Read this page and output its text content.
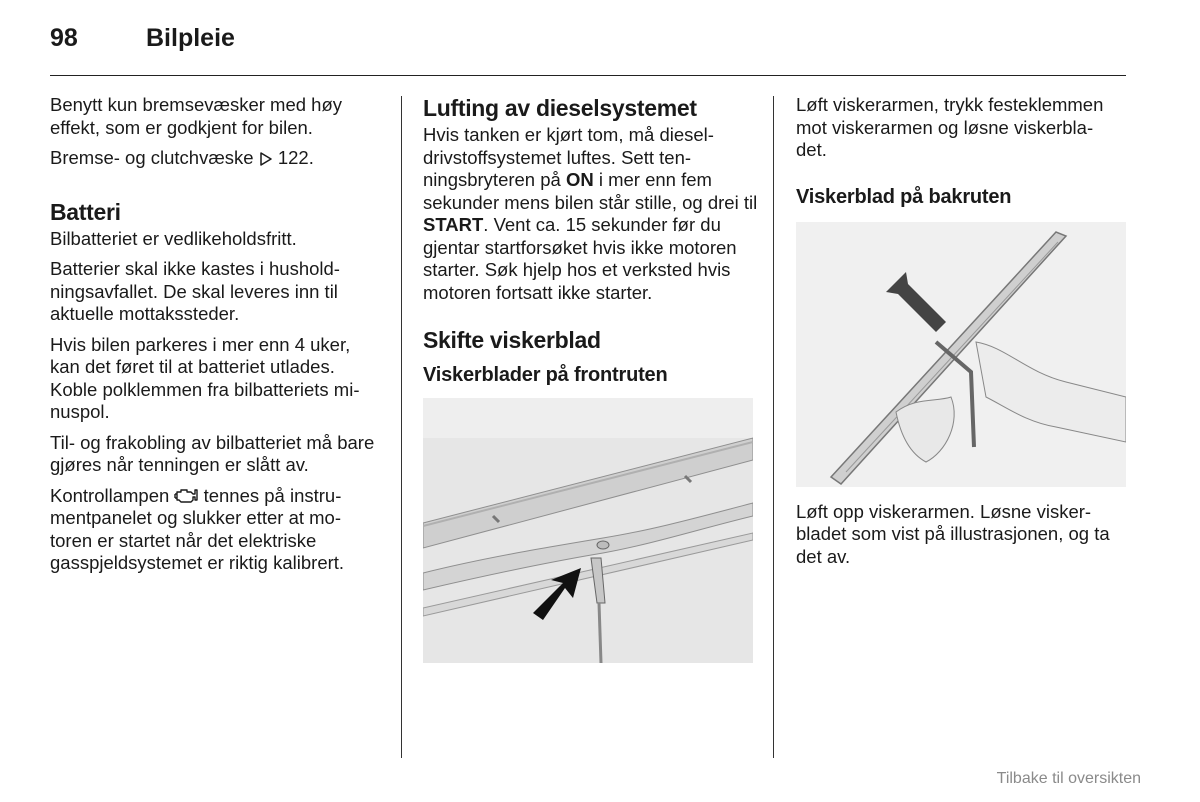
98	Bilpleie

Benytt kun bremsevæsker med høy effekt, som er godkjent for bilen.

Bremse- og clutchvæske 122.

Batteri

Bilbatteriet er vedlikeholdsfritt.

Batterier skal ikke kastes i hushold- ningsavfallet. De skal leveres inn til aktuelle mottakssteder.

Hvis bilen parkeres i mer enn 4 uker, kan det føret til at batteriet utlades. Koble polklemmen fra bilbatteriets mi- nuspol.

Til- og frakobling av bilbatteriet må bare gjøres når tenningen er slått av.

Kontrollampen tennes på instru- mentpanelet og slukker etter at mo- toren er startet når det elektriske gasspjeldsystemet er riktig kalibrert.

Lufting av dieselsystemet

Hvis tanken er kjørt tom, må diesel- drivstoffsystemet luftes. Sett ten- ningsbryteren på ON i mer enn fem sekunder mens bilen står stille, og drei til START. Vent ca. 15 sekunder før du gjentar startforsøket hvis ikke motoren starter. Søk hjelp hos et verksted hvis motoren fortsatt ikke starter.

Skifte viskerblad
Viskerblader på frontruten

Løft viskerarmen, trykk festeklemmen mot viskerarmen og løsne viskerbla- det.

Viskerblad på bakruten

Løft opp viskerarmen. Løsne visker- bladet som vist på illustrasjonen, og ta det av.

Tilbake til oversikten
